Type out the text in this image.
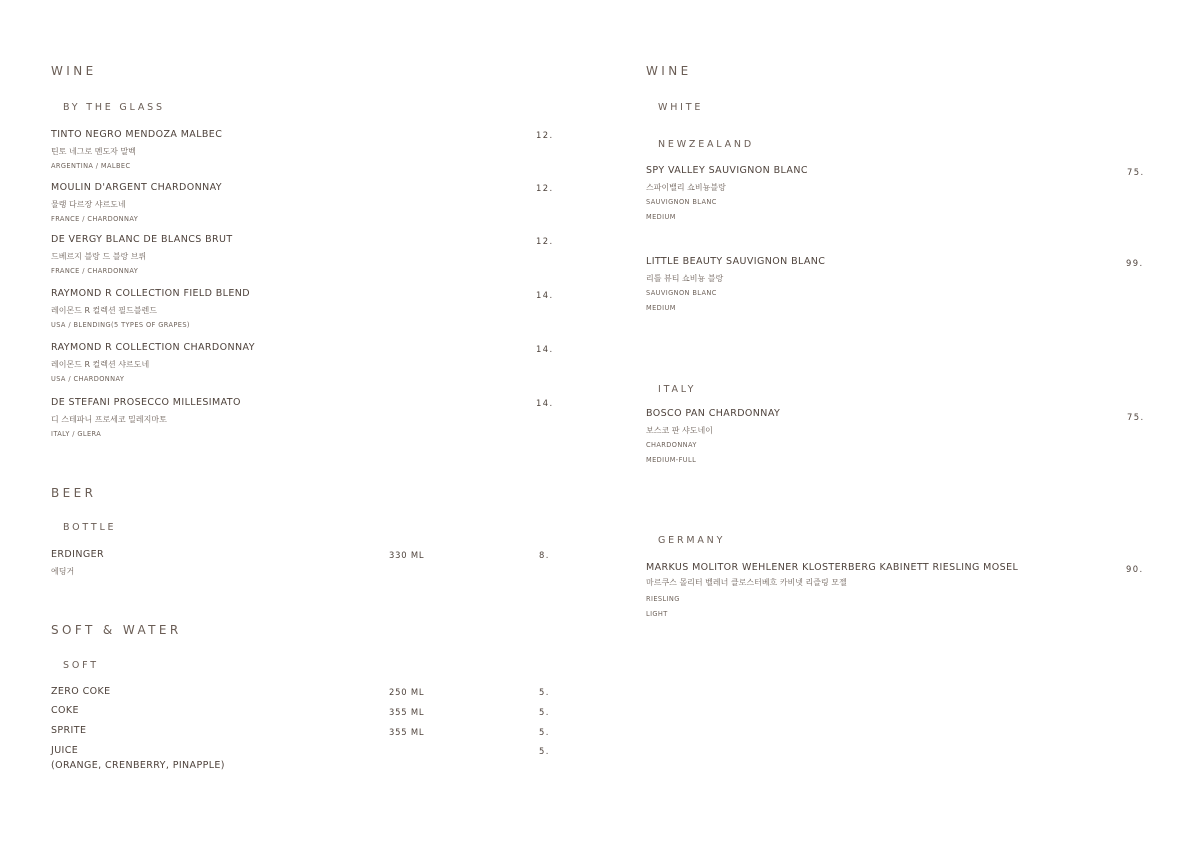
WINE
BY THE GLASS
TINTO NEGRO MENDOZA MALBEC
틴토 네그로 멘도자 말벡
ARGENTINA / MALBEC
12.
MOULIN D'ARGENT CHARDONNAY
물랭 다르장 샤르도네
FRANCE / CHARDONNAY
12.
DE VERGY BLANC DE BLANCS BRUT
드베르지 블랑 드 블랑 브뤼
FRANCE / CHARDONNAY
12.
RAYMOND R COLLECTION FIELD BLEND
레이몬드 R 컬렉션 필드블렌드
USA / BLENDING(5 TYPES OF GRAPES)
14.
RAYMOND R COLLECTION CHARDONNAY
레이몬드 R 컬렉션 샤르도네
USA / CHARDONNAY
14.
DE STEFANI PROSECCO MILLESIMATO
디 스테파니 프로세코 밀레지마토
ITALY / GLERA
14.
BEER
BOTTLE
ERDINGER
에딩거
330 ML	8.
SOFT & WATER
SOFT
ZERO COKE	250 ML	5.
COKE	355 ML	5.
SPRITE	355 ML	5.
JUICE
(ORANGE, CRENBERRY, PINAPPLE)
5.
WINE
WHITE
NEWZEALAND
SPY VALLEY SAUVIGNON BLANC
스파이밸리 쇼비뇽블랑
SAUVIGNON BLANC
MEDIUM
75.
LITTLE BEAUTY SAUVIGNON BLANC
리틀 뷰티 쇼비뇽 블랑
SAUVIGNON BLANC
MEDIUM
99.
ITALY
BOSCO PAN CHARDONNAY
보스코 판 샤도네이
CHARDONNAY
MEDIUM-FULL
75.
GERMANY
MARKUS MOLITOR WEHLENER KLOSTERBERG KABINETT RIESLING MOSEL
마르쿠스 몰리터 벨레너 클로스터베흐 카비넷 리즐링 모젤
RIESLING
LIGHT
90.
